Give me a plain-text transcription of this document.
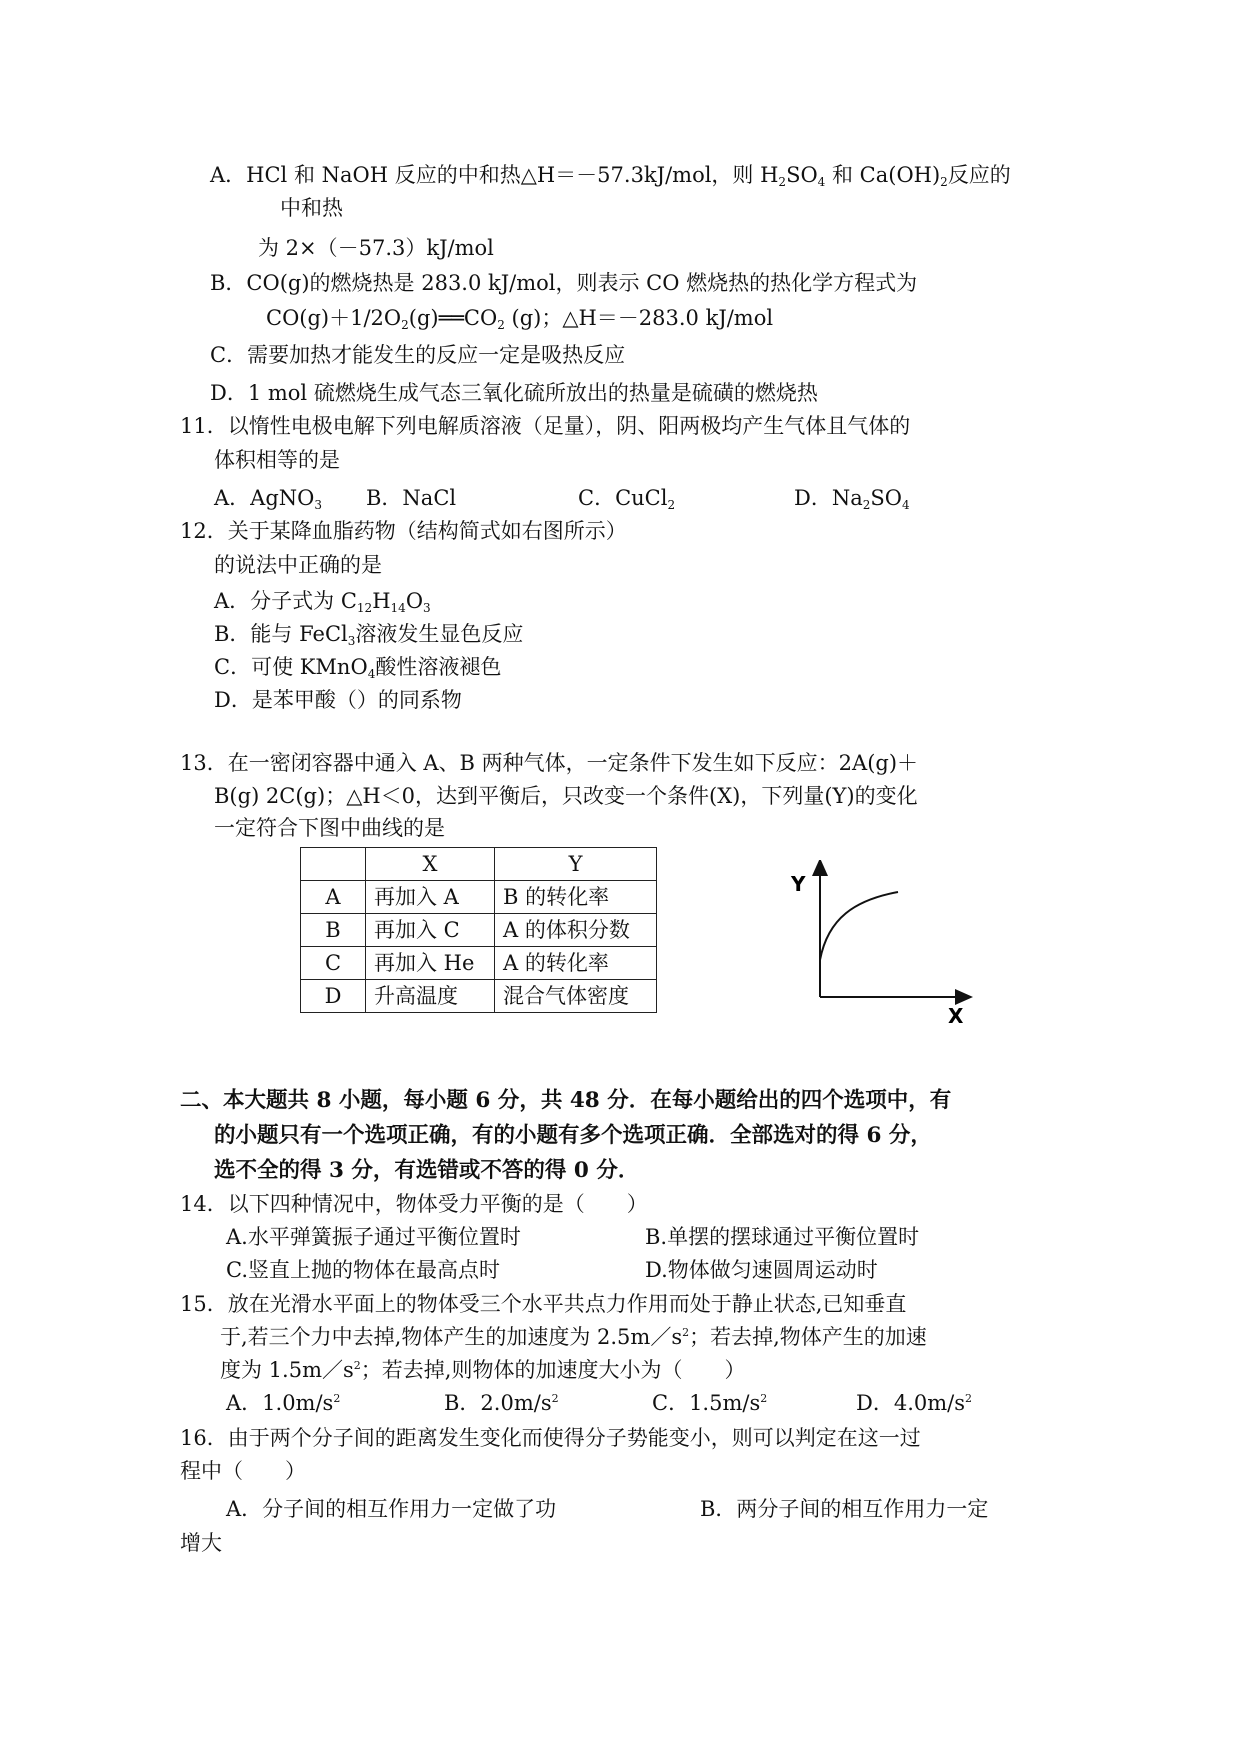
A．HCl 和 NaOH 反应的中和热△H＝－57.3kJ/mol，则 $H_2SO_4$ 和 $Ca(OH)_2$反应的
中和热
为 2×（－57.3）kJ/mol
B．CO(g)的燃烧热是 283.0 kJ/mol，则表示 CO 燃烧热的热化学方程式为
$CO(g)+1/2O_2(g)══CO_2$ (g)；△H＝－283.0 kJ/mol
C．需要加热才能发生的反应一定是吸热反应
D．1 mol 硫燃烧生成气态三氧化硫所放出的热量是硫磺的燃烧热
11．以惰性电极电解下列电解质溶液（足量），阴、阳两极均产生气体且气体的
体积相等的是
A．AgNO$_3$ B．NaCl	C．CuCl$_2$	D．$Na_2SO_4$
12．关于某降血脂药物（结构简式如右图所示）
的说法中正确的是
A．分子式为 $C_{12}H_{14}O_3$
B．能与 FeCl$_3$溶液发生显色反应
C．可使 KMnO$_4$酸性溶液褪色
D．是苯甲酸（）的同系物
13．在一密闭容器中通入 A、B 两种气体，一定条件下发生如下反应：2A(g)＋
B(g) 2C(g)；△H＜0，达到平衡后，只改变一个条件(X)，下列量(Y)的变化
一定符合下图中曲线的是
	X	Y
A	再加入 A	B 的转化率
B	再加入 C	A 的体积分数
C	再加入 He	A 的转化率
D	升高温度	混合气体密度
Y
X
二、本大题共 8 小题，每小题 6 分，共 48 分．在每小题给出的四个选项中，有
的小题只有一个选项正确，有的小题有多个选项正确．全部选对的得 6 分，
选不全的得 3 分，有选错或不答的得 0 分．
14．以下四种情况中，物体受力平衡的是（　　）
A.水平弹簧振子通过平衡位置时	B.单摆的摆球通过平衡位置时
C.竖直上抛的物体在最高点时	D.物体做匀速圆周运动时
15．放在光滑水平面上的物体受三个水平共点力作用而处于静止状态,已知垂直
于,若三个力中去掉,物体产生的加速度为 $2.5m/s^2$；若去掉,物体产生的加速
度为 $1.5m/s^2$；若去掉,则物体的加速度大小为（　　）
A．$1.0m/s^2$	B．$2.0m/s^2$	C．$1.5m/s^2$	D．$4.0m/s^2$
16．由于两个分子间的距离发生变化而使得分子势能变小，则可以判定在这一过
程中（　　）
A．分子间的相互作用力一定做了功	B．两分子间的相互作用力一定
增大
